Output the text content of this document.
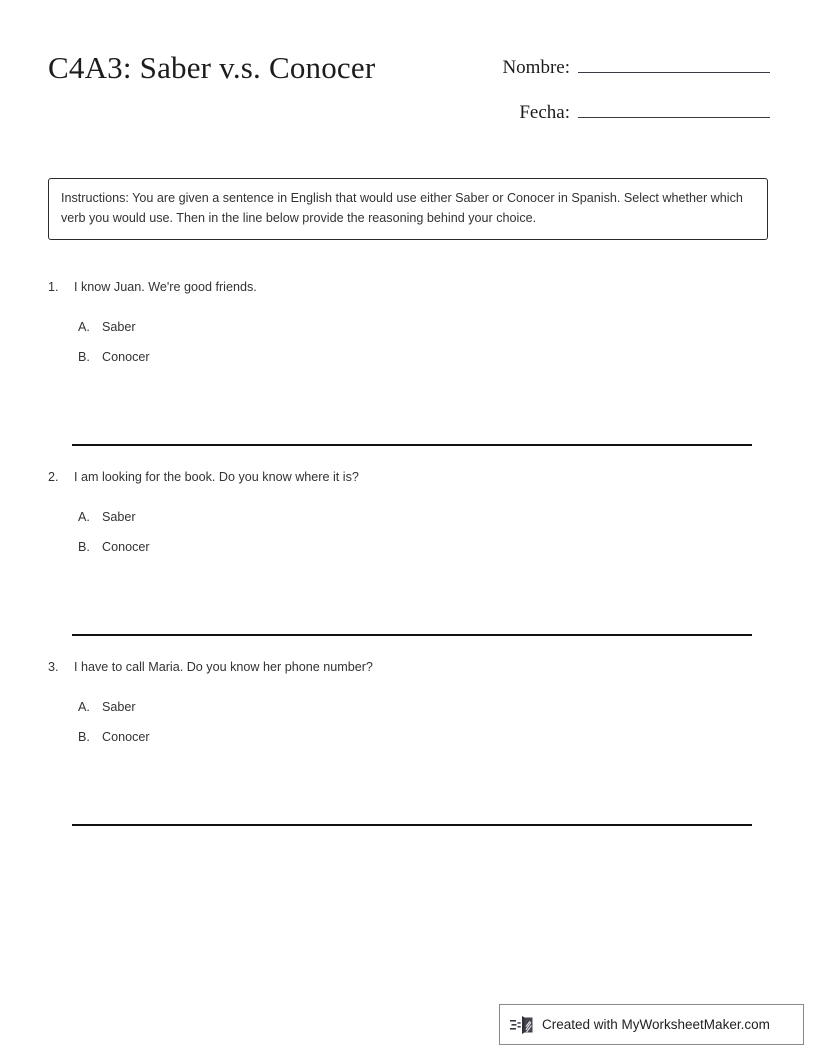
C4A3: Saber v.s. Conocer	Nombre:
Fecha:
Instructions: You are given a sentence in English that would use either Saber or Conocer in Spanish. Select whether which verb you would use. Then in the line below provide the reasoning behind your choice.
1.	I know Juan. We're good friends.
A. Saber
B. Conocer
2.	I am looking for the book. Do you know where it is?
A. Saber
B. Conocer
3.	I have to call Maria. Do you know her phone number?
A. Saber
B. Conocer
Created with MyWorksheetMaker.com
